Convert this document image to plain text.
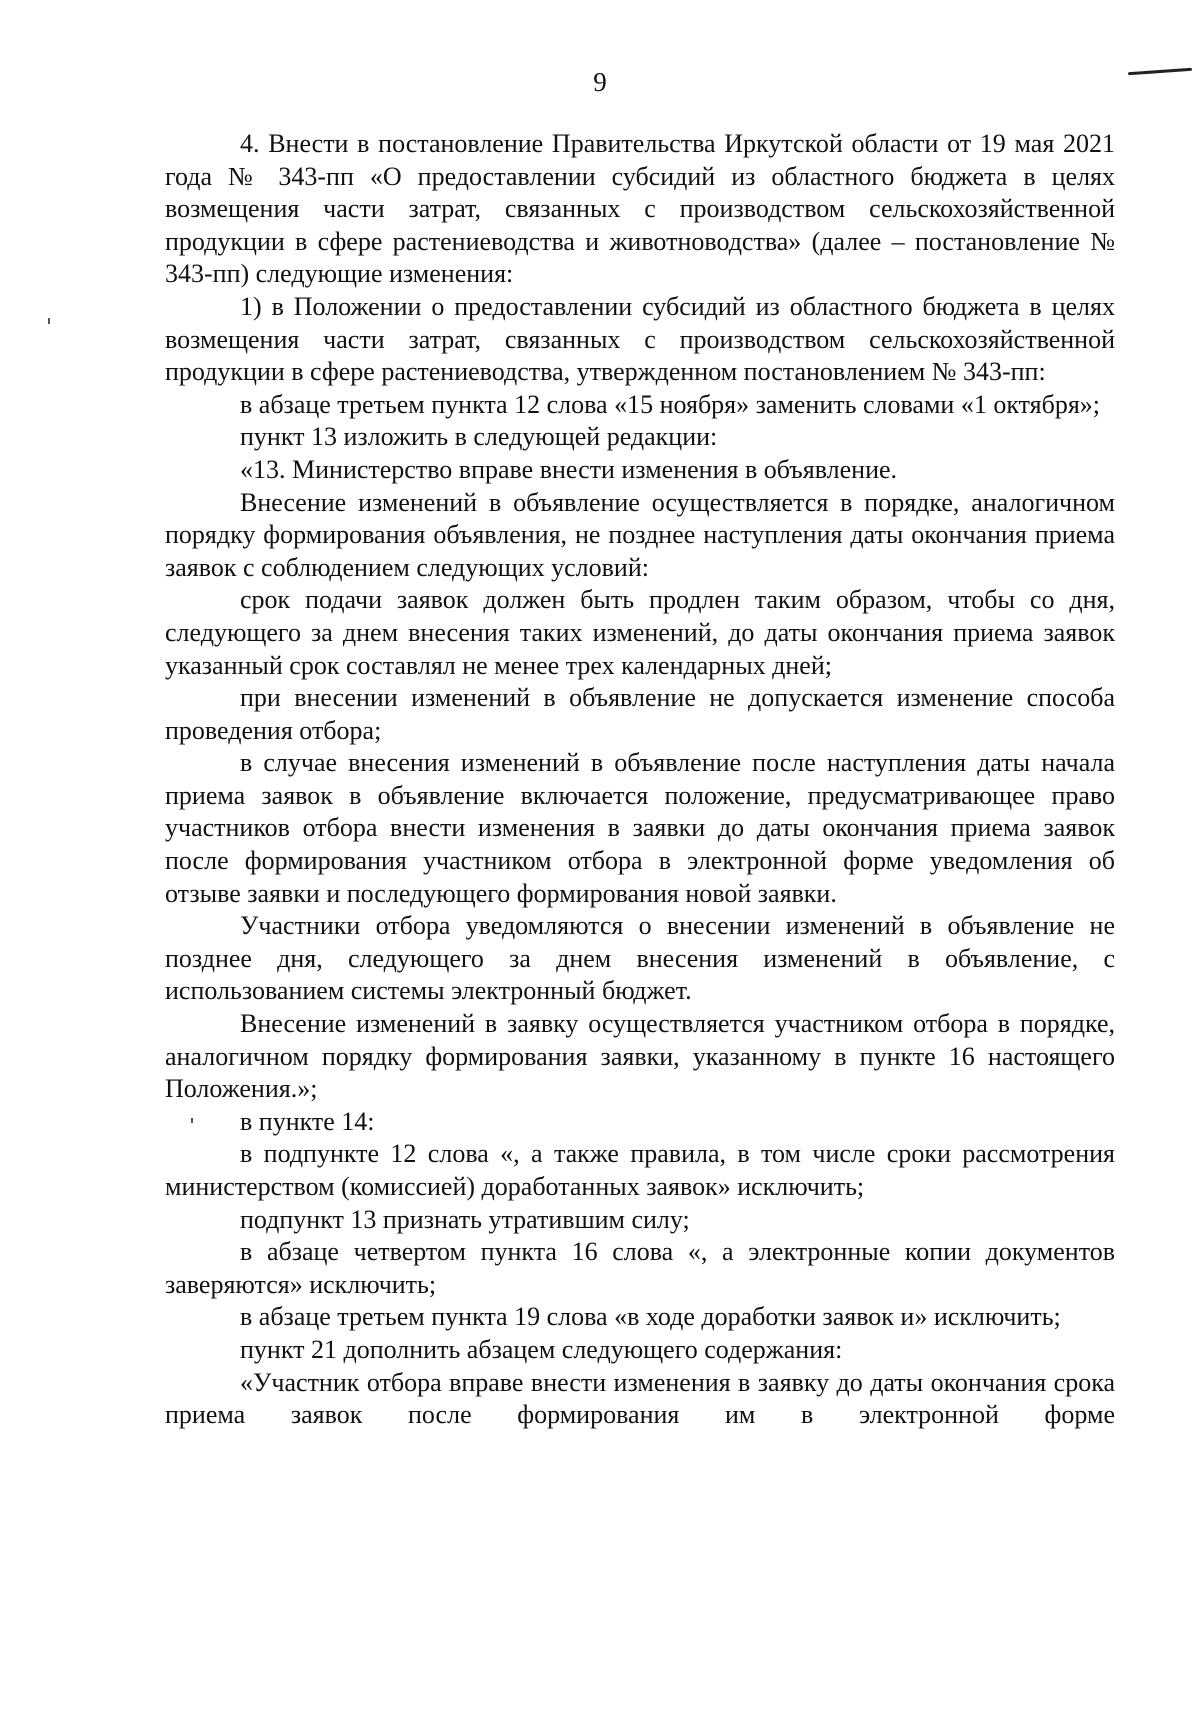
9

4. Внести в постановление Правительства Иркутской области от 19 мая 2021 года № 343-пп «О предоставлении субсидий из областного бюджета в целях возмещения части затрат, связанных с производством сельскохозяйственной продукции в сфере растениеводства и животноводства» (далее – постановление № 343-пп) следующие изменения:

1) в Положении о предоставлении субсидий из областного бюджета в целях возмещения части затрат, связанных с производством сельскохозяйственной продукции в сфере растениеводства, утвержденном постановлением № 343-пп:

в абзаце третьем пункта 12 слова «15 ноября» заменить словами «1 октября»;

пункт 13 изложить в следующей редакции:

«13. Министерство вправе внести изменения в объявление.

Внесение изменений в объявление осуществляется в порядке, аналогичном порядку формирования объявления, не позднее наступления даты окончания приема заявок с соблюдением следующих условий:

срок подачи заявок должен быть продлен таким образом, чтобы со дня, следующего за днем внесения таких изменений, до даты окончания приема заявок указанный срок составлял не менее трех календарных дней;

при внесении изменений в объявление не допускается изменение способа проведения отбора;

в случае внесения изменений в объявление после наступления даты начала приема заявок в объявление включается положение, предусматривающее право участников отбора внести изменения в заявки до даты окончания приема заявок после формирования участником отбора в электронной форме уведомления об отзыве заявки и последующего формирования новой заявки.

Участники отбора уведомляются о внесении изменений в объявление не позднее дня, следующего за днем внесения изменений в объявление, с использованием системы электронный бюджет.

Внесение изменений в заявку осуществляется участником отбора в порядке, аналогичном порядку формирования заявки, указанному в пункте 16 настоящего Положения.»;

в пункте 14:

в подпункте 12 слова «, а также правила, в том числе сроки рассмотрения министерством (комиссией) доработанных заявок» исключить;

подпункт 13 признать утратившим силу;

в абзаце четвертом пункта 16 слова «, а электронные копии документов заверяются» исключить;

в абзаце третьем пункта 19 слова «в ходе доработки заявок и» исключить;

пункт 21 дополнить абзацем следующего содержания:

«Участник отбора вправе внести изменения в заявку до даты окончания срока приема заявок после формирования им в электронной форме
